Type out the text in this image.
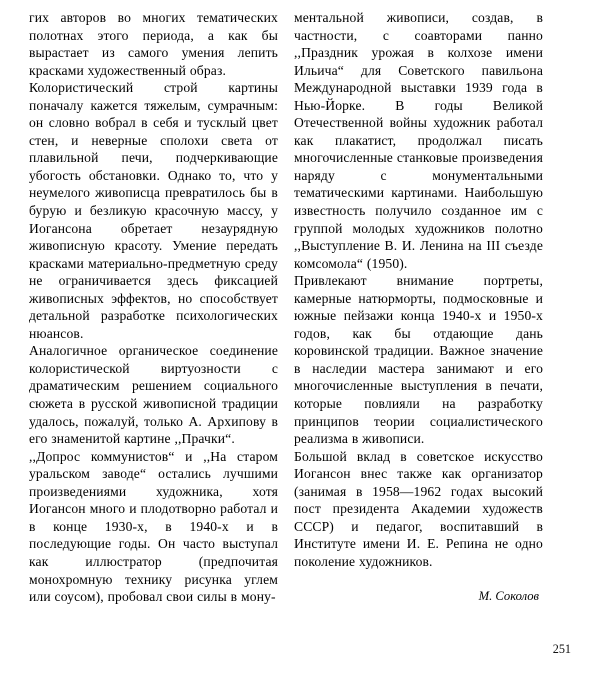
гих авторов во многих тематических полотнах этого периода, а как бы вырастает из самого умения лепить красками художественный образ.

Колористический строй картины поначалу кажется тяжелым, сумрачным: он словно вобрал в себя и тусклый цвет стен, и неверные сполохи света от плавильной печи, подчеркивающие убогость обстановки. Однако то, что у неумелого живописца превратилось бы в бурую и безликую красочную массу, у Иогансона обретает незаурядную живописную красоту. Умение передать красками материально-предметную среду не ограничивается здесь фиксацией живописных эффектов, но способствует детальной разработке психологических нюансов.

Аналогичное органическое соединение колористической виртуозности с драматическим решением социального сюжета в русской живописной традиции удалось, пожалуй, только А. Архипову в его знаменитой картине ,,Прачки“.

,,Допрос коммунистов“ и ,,На старом уральском заводе“ остались лучшими произведениями художника, хотя Иогансон много и плодотворно работал и в конце 1930-х, в 1940-х и в последующие годы. Он часто выступал как иллюстратор (предпочитая монохромную технику рисунка углем или соусом), пробовал свои силы в мону-

ментальной живописи, создав, в частности, с соавторами панно ,,Праздник урожая в колхозе имени Ильича“ для Советского павильона Международной выставки 1939 года в Нью-Йорке. В годы Великой Отечественной войны художник работал как плакатист, продолжал писать многочисленные станковые произведения наряду с монументальными тематическими картинами. Наибольшую известность получило созданное им с группой молодых художников полотно ,,Выступление В. И. Ленина на III съезде комсомола“ (1950).

Привлекают внимание портреты, камерные натюрморты, подмосковные и южные пейзажи конца 1940-х и 1950-х годов, как бы отдающие дань коровинской традиции. Важное значение в наследии мастера занимают и его многочисленные выступления в печати, которые повлияли на разработку принципов теории социалистического реализма в живописи.

Большой вклад в советское искусство Иогансон внес также как организатор (занимая в 1958—1962 годах высокий пост президента Академии художеств СССР) и педагог, воспитавший в Институте имени И. Е. Репина не одно поколение художников.

М. Соколов

251
